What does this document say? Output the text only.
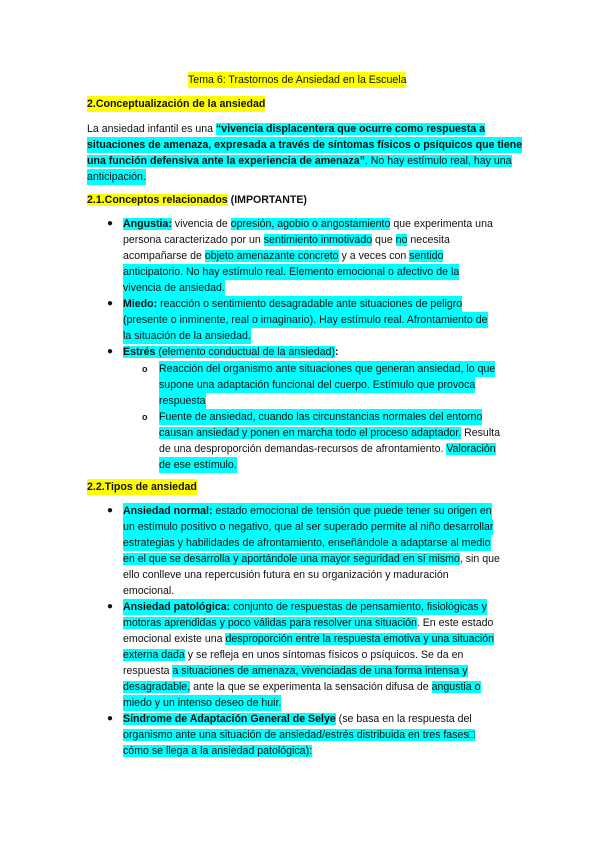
Tema 6: Trastornos de Ansiedad en la Escuela
2.Conceptualización de la ansiedad
La ansiedad infantil es una “vivencia displacentera que ocurre como respuesta a
situaciones de amenaza, expresada a través de síntomas físicos o psíquicos que tiene
una función defensiva ante la experiencia de amenaza”. No hay estímulo real, hay una
anticipación.
2.1.Conceptos relacionados (IMPORTANTE)
● Angustia: vivencia de opresión, agobio o angostamiento que experimenta una
persona caracterizado por un sentimiento inmotivado que no necesita
acompañarse de objeto amenazante concreto y a veces con sentido
anticipatorio. No hay estímulo real. Elemento emocional o afectivo de la
vivencia de ansiedad.
● Miedo: reacción o sentimiento desagradable ante situaciones de peligro
(presente o inminente, real o imaginario). Hay estímulo real. Afrontamiento de
la situación de la ansiedad.
● Estrés (elemento conductual de la ansiedad):
o Reacción del organismo ante situaciones que generan ansiedad, lo que
supone una adaptación funcional del cuerpo. Estímulo que provoca
respuesta
o Fuente de ansiedad, cuando las circunstancias normales del entorno
causan ansiedad y ponen en marcha todo el proceso adaptador. Resulta
de una desproporción demandas-recursos de afrontamiento. Valoración
de ese estímulo.
2.2.Tipos de ansiedad
● Ansiedad normal: estado emocional de tensión que puede tener su origen en
un estímulo positivo o negativo, que al ser superado permite al niño desarrollar
estrategias y habilidades de afrontamiento, enseñándole a adaptarse al medio
en el que se desarrolla y aportándole una mayor seguridad en sí mismo, sin que
ello conlleve una repercusión futura en su organización y maduración
emocional.
● Ansiedad patológica: conjunto de respuestas de pensamiento, fisiológicas y
motoras aprendidas y poco válidas para resolver una situación. En este estado
emocional existe una desproporción entre la respuesta emotiva y una situación
externa dada y se refleja en unos síntomas físicos o psíquicos. Se da en
respuesta a situaciones de amenaza, vivenciadas de una forma intensa y
desagradable, ante la que se experimenta la sensación difusa de angustia o
miedo y un intenso deseo de huir.
● Síndrome de Adaptación General de Selye (se basa en la respuesta del
organismo ante una situación de ansiedad/estrés distribuida en tres fases□
cómo se llega a la ansiedad patológica):
